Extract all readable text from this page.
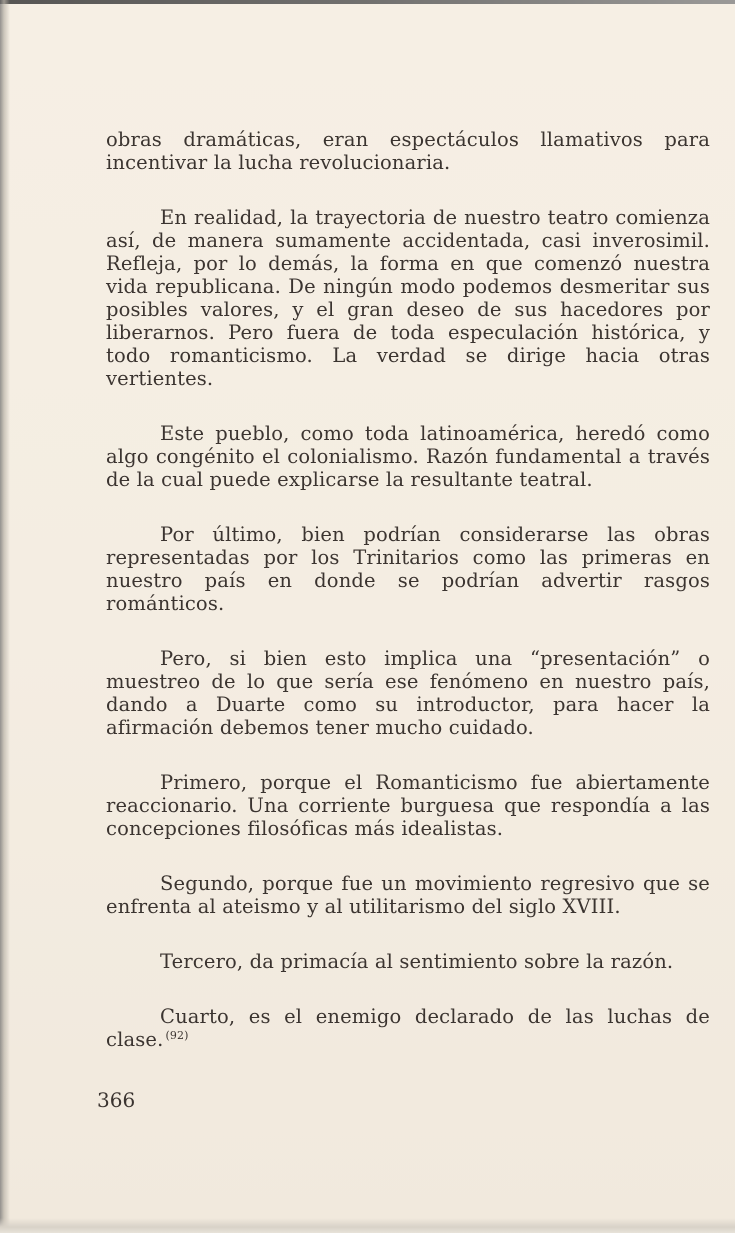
obras dramáticas, eran espectáculos llamativos para incentivar la lucha revolucionaria.

En realidad, la trayectoria de nuestro teatro comienza así, de manera sumamente accidentada, casi inverosimil. Refleja, por lo demás, la forma en que comenzó nuestra vida republicana. De ningún modo podemos desmeritar sus posibles valores, y el gran deseo de sus hacedores por liberarnos. Pero fuera de toda especulación histórica, y todo romanticismo. La verdad se dirige hacia otras vertientes.

Este pueblo, como toda latinoamérica, heredó como algo congénito el colonialismo. Razón fundamental a través de la cual puede explicarse la resultante teatral.

Por último, bien podrían considerarse las obras representadas por los Trinitarios como las primeras en nuestro país en donde se podrían advertir rasgos románticos.

Pero, si bien esto implica una “presentación” o muestreo de lo que sería ese fenómeno en nuestro país, dando a Duarte como su introductor, para hacer la afirmación debemos tener mucho cuidado.

Primero, porque el Romanticismo fue abiertamente reaccionario. Una corriente burguesa que respondía a las concepciones filosóficas más idealistas.

Segundo, porque fue un movimiento regresivo que se enfrenta al ateismo y al utilitarismo del siglo XVIII.

Tercero, da primacía al sentimiento sobre la razón.

Cuarto, es el enemigo declarado de las luchas de clase. $^{(92)}$

366
